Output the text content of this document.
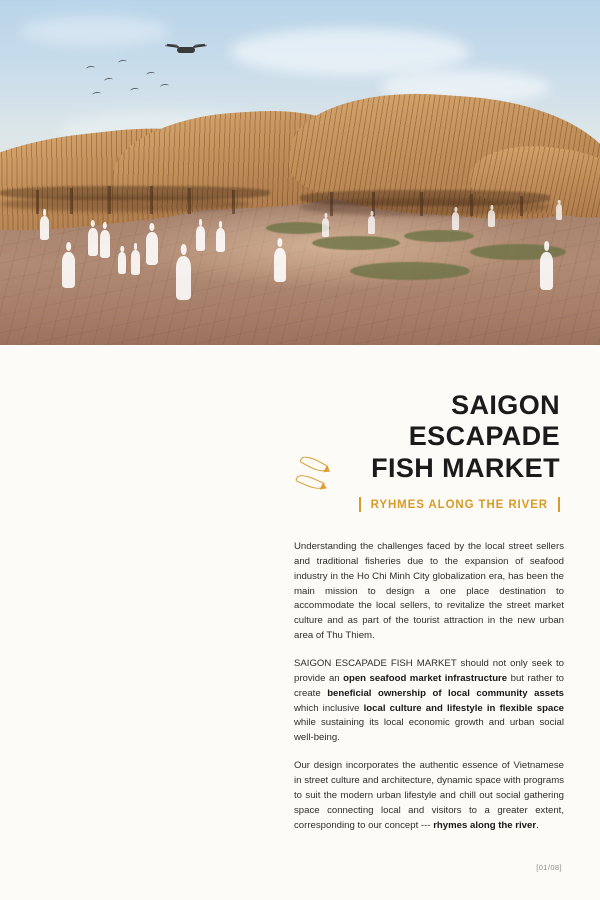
SAIGON
ESCAPADE
FISH MARKET
RYHMES ALONG THE RIVER

Understanding the challenges faced by the local street sellers and traditional fisheries due to the expansion of seafood industry in the Ho Chi Minh City globalization era, has been the main mission to design a one place destination to accommodate the local sellers, to revitalize the street market culture and as part of the tourist attraction in the new urban area of Thu Thiem.

SAIGON ESCAPADE FISH MARKET should not only seek to provide an open seafood market infrastructure but rather to create beneficial ownership of local community assets which inclusive local culture and lifestyle in flexible space while sustaining its local economic growth and urban social well-being.

Our design incorporates the authentic essence of Vietnamese in street culture and architecture, dynamic space with programs to suit the modern urban lifestyle and chill out social gathering space connecting local and visitors to a greater extent, corresponding to our concept --- rhymes along the river.

[01/08]
